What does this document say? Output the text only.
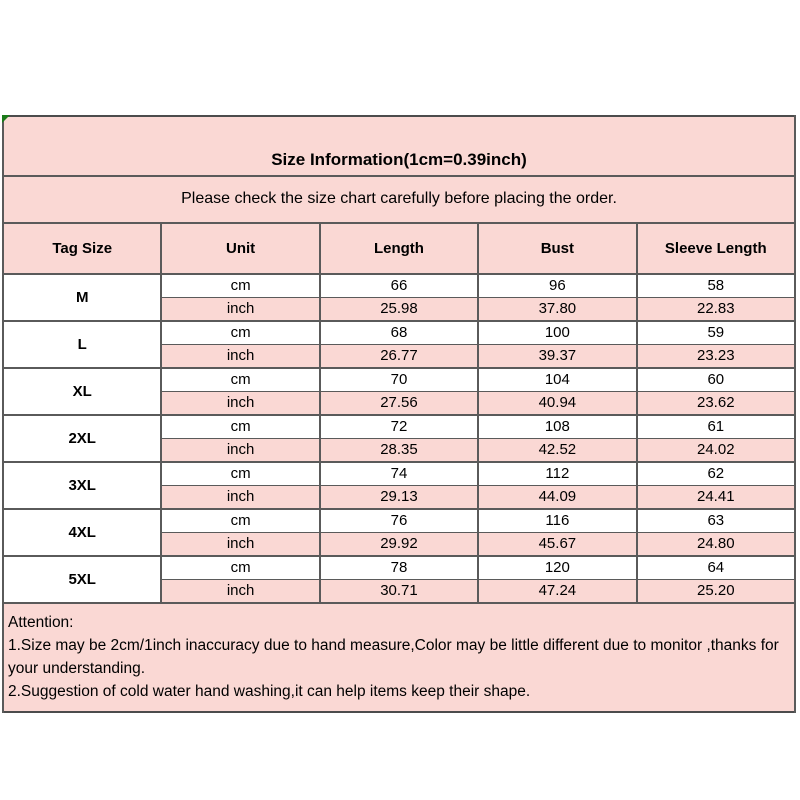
Size Information(1cm=0.39inch)				
Please check the size chart carefully before placing the order.				
Tag Size	Unit	Length	Bust	Sleeve Length
M	cm	66	96	58
	inch	25.98	37.80	22.83
L	cm	68	100	59
	inch	26.77	39.37	23.23
XL	cm	70	104	60
	inch	27.56	40.94	23.62
2XL	cm	72	108	61
	inch	28.35	42.52	24.02
3XL	cm	74	112	62
	inch	29.13	44.09	24.41
4XL	cm	76	116	63
	inch	29.92	45.67	24.80
5XL	cm	78	120	64
	inch	30.71	47.24	25.20

Attention:
1.Size may be 2cm/1inch inaccuracy due to hand measure,Color may be little different due to monitor ,thanks for your understanding.
2.Suggestion of cold water hand washing,it can help items keep their shape.				
